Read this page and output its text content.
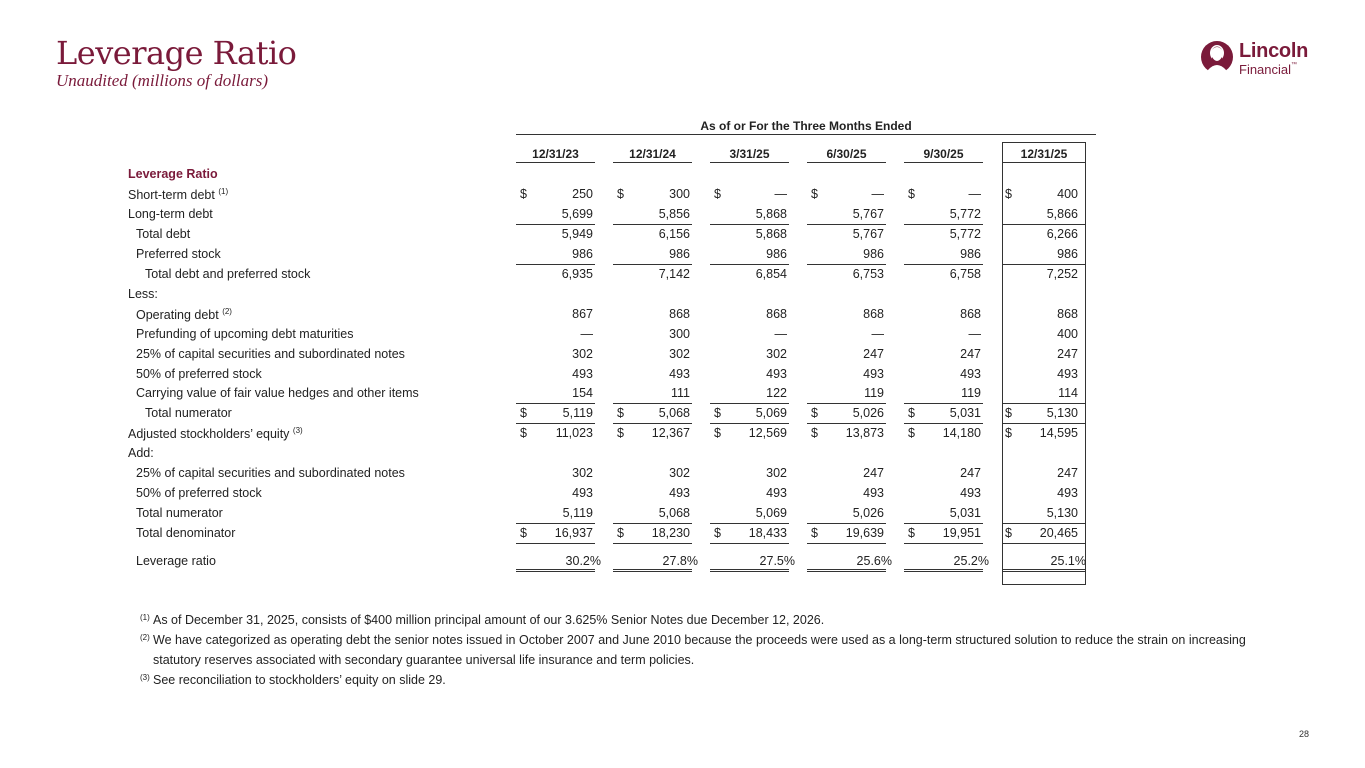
Leverage Ratio
Unaudited (millions of dollars)
Lincoln
Financial™
As of or For the Three Months Ended
12/31/23	12/31/24	3/31/25	6/30/25	9/30/25	12/31/25
Leverage Ratio
Short-term debt $^{(1)}$	$	250 $	300 $	— $	— $	— $	400
Long-term debt	5,699	5,856	5,868	5,767	5,772	5,866
Total debt	5,949	6,156	5,868	5,767	5,772	6,266
Preferred stock	986	986	986	986	986	986
Total debt and preferred stock	6,935	7,142	6,854	6,753	6,758	7,252
Less:
Operating debt $^{(2)}$	867	868	868	868	868	868
Prefunding of upcoming debt maturities	—	300	—	—	—	400
25% of capital securities and subordinated notes	302	302	302	247	247	247
50% of preferred stock	493	493	493	493	493	493
Carrying value of fair value hedges and other items	154	111	122	119	119	114
Total numerator	$	5,119 $	5,068 $	5,069 $	5,026 $	5,031 $	5,130
Adjusted stockholders’ equity $^{(3)}$	$	11,023 $	12,367 $	12,569 $	13,873 $	14,180 $	14,595
Add:
25% of capital securities and subordinated notes	302	302	302	247	247	247
50% of preferred stock	493	493	493	493	493	493
Total numerator	5,119	5,068	5,069	5,026	5,031	5,130
Total denominator	$	16,937 $	18,230 $	18,433 $	19,639 $	19,951 $	20,465
Leverage ratio	30.2%	27.8%	27.5%	25.6%	25.2%	25.1%
(1) As of December 31, 2025, consists of $400 million principal amount of our 3.625% Senior Notes due December 12, 2026.
(2) We have categorized as operating debt the senior notes issued in October 2007 and June 2010 because the proceeds were used as a long-term structured solution to reduce the strain on increasing statutory reserves associated with secondary guarantee universal life insurance and term policies.
(3) See reconciliation to stockholders’ equity on slide 29.
28
